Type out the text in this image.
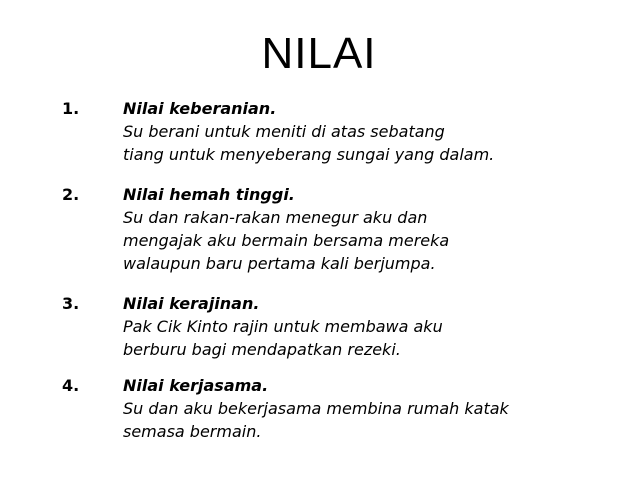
NILAI
1.	Nilai keberanian.
Su berani untuk meniti di atas sebatang
tiang untuk menyeberang sungai yang dalam.
2.	Nilai hemah tinggi.
Su dan rakan-rakan menegur aku dan
mengajak aku bermain bersama mereka
walaupun baru pertama kali berjumpa.
3.	Nilai kerajinan.
Pak Cik Kinto rajin untuk membawa aku
berburu bagi mendapatkan rezeki.
4.	Nilai kerjasama.
Su dan aku bekerjasama membina rumah katak
semasa bermain.
